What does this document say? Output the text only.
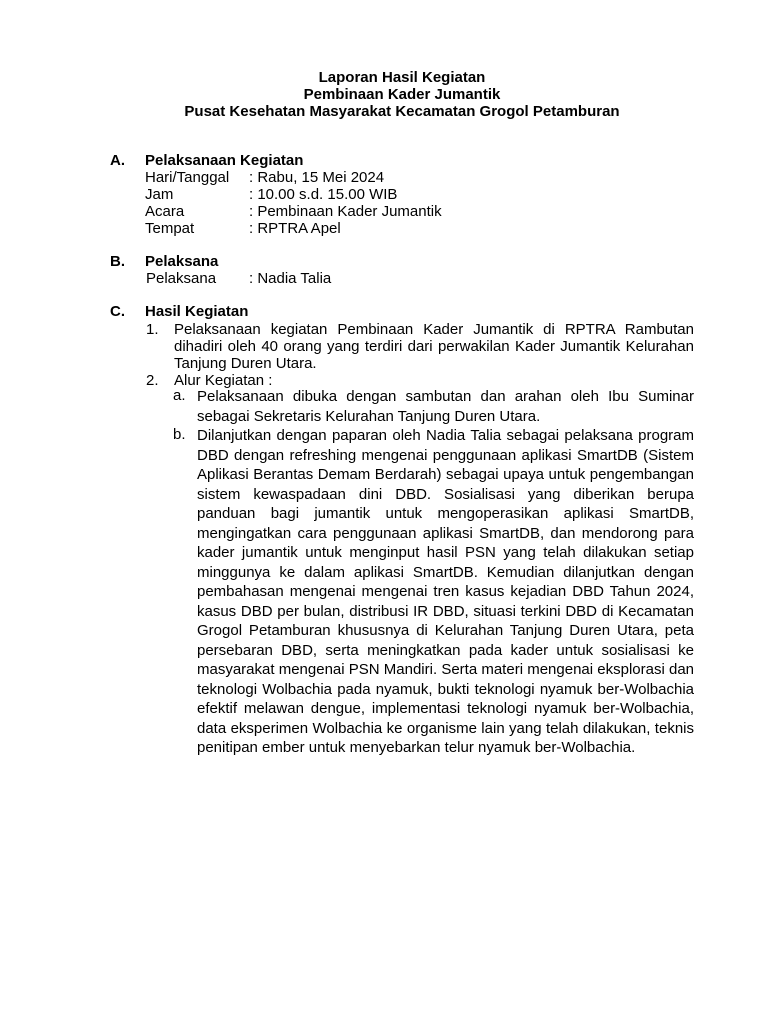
Laporan Hasil Kegiatan
Pembinaan Kader Jumantik
Pusat Kesehatan Masyarakat Kecamatan Grogol Petamburan
A. Pelaksanaan Kegiatan
Hari/Tanggal : Rabu, 15 Mei 2024
Jam	: 10.00 s.d. 15.00 WIB
Acara	: Pembinaan Kader Jumantik
Tempat	: RPTRA Apel
B. Pelaksana
Pelaksana : Nadia Talia
C. Hasil Kegiatan
1. Pelaksanaan kegiatan Pembinaan Kader Jumantik di RPTRA Rambutan dihadiri oleh 40 orang yang terdiri dari perwakilan Kader Jumantik Kelurahan Tanjung Duren Utara.
2. Alur Kegiatan :
a. Pelaksanaan dibuka dengan sambutan dan arahan oleh Ibu Suminar sebagai Sekretaris Kelurahan Tanjung Duren Utara.
b. Dilanjutkan dengan paparan oleh Nadia Talia sebagai pelaksana program DBD dengan refreshing mengenai penggunaan aplikasi SmartDB (Sistem Aplikasi Berantas Demam Berdarah) sebagai upaya untuk pengembangan sistem kewaspadaan dini DBD. Sosialisasi yang diberikan berupa panduan bagi jumantik untuk mengoperasikan aplikasi SmartDB, mengingatkan cara penggunaan aplikasi SmartDB, dan mendorong para kader jumantik untuk menginput hasil PSN yang telah dilakukan setiap minggunya ke dalam aplikasi SmartDB. Kemudian dilanjutkan dengan pembahasan mengenai mengenai tren kasus kejadian DBD Tahun 2024, kasus DBD per bulan, distribusi IR DBD, situasi terkini DBD di Kecamatan Grogol Petamburan khususnya di Kelurahan Tanjung Duren Utara, peta persebaran DBD, serta meningkatkan pada kader untuk sosialisasi ke masyarakat mengenai PSN Mandiri. Serta materi mengenai eksplorasi dan teknologi Wolbachia pada nyamuk, bukti teknologi nyamuk ber-Wolbachia efektif melawan dengue, implementasi teknologi nyamuk ber-Wolbachia, data eksperimen Wolbachia ke organisme lain yang telah dilakukan, teknis penitipan ember untuk menyebarkan telur nyamuk ber-Wolbachia.
